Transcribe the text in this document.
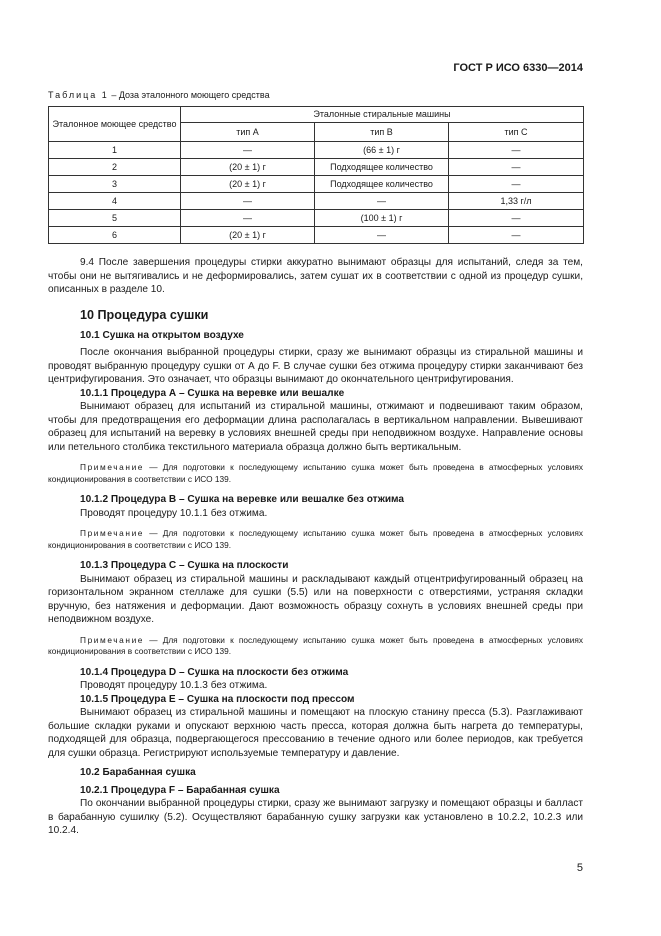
ГОСТ Р ИСО 6330—2014
Таблица 1 – Доза эталонного моющего средства
Эталонное моющее средство	Эталонные стиральные машины		
	тип А	тип В	тип С
1	—	(66 ± 1) г	—
2	(20 ± 1) г	Подходящее количество	—
3	(20 ± 1) г	Подходящее количество	—
4	—	—	1,33 г/л
5	—	(100 ± 1) г	—
6	(20 ± 1) г	—	—

9.4 После завершения процедуры стирки аккуратно вынимают образцы для испытаний, следя за тем, чтобы они не вытягивались и не деформировались, затем сушат их в соответствии с одной из процедур сушки, описанных в разделе 10.

10 Процедура сушки

10.1 Сушка на открытом воздухе

После окончания выбранной процедуры стирки, сразу же вынимают образцы из стиральной машины и проводят выбранную процедуру сушки от А до F. В случае сушки без отжима процедуру стирки заканчивают без центрифугирования. Это означает, что образцы вынимают до окончательного центрифугирования.

10.1.1 Процедура А – Сушка на веревке или вешалке

Вынимают образец для испытаний из стиральной машины, отжимают и подвешивают таким образом, чтобы для предотвращения его деформации длина располагалась в вертикальном направлении. Вывешивают образец для испытаний на веревку в условиях внешней среды при неподвижном воздухе. Направление основы или петельного столбика текстильного материала образца должно быть вертикальным.

Примечание — Для подготовки к последующему испытанию сушка может быть проведена в атмосферных условиях кондиционирования в соответствии с ИСО 139.

10.1.2 Процедура В – Сушка на веревке или вешалке без отжима

Проводят процедуру 10.1.1 без отжима.

Примечание — Для подготовки к последующему испытанию сушка может быть проведена в атмосферных условиях кондиционирования в соответствии с ИСО 139.

10.1.3 Процедура С – Сушка на плоскости

Вынимают образец из стиральной машины и раскладывают каждый отцентрифугированный образец на горизонтальном экранном стеллаже для сушки (5.5) или на поверхности с отверстиями, устраняя складки вручную, без натяжения и деформации. Дают возможность образцу сохнуть в условиях внешней среды при неподвижном воздухе.

Примечание — Для подготовки к последующему испытанию сушка может быть проведена в атмосферных условиях кондиционирования в соответствии с ИСО 139.

10.1.4 Процедура D – Сушка на плоскости без отжима

Проводят процедуру 10.1.3 без отжима.

10.1.5 Процедура Е – Сушка на плоскости под прессом

Вынимают образец из стиральной машины и помещают на плоскую станину пресса (5.3). Разглаживают большие складки руками и опускают верхнюю часть пресса, которая должна быть нагрета до температуры, подходящей для образца, подвергающегося прессованию в течение одного или более периодов, как требуется для сушки образца. Регистрируют используемые температуру и давление.

10.2 Барабанная сушка

10.2.1 Процедура F – Барабанная сушка

По окончании выбранной процедуры стирки, сразу же вынимают загрузку и помещают образцы и балласт в барабанную сушилку (5.2). Осуществляют барабанную сушку загрузки как установлено в 10.2.2, 10.2.3 или 10.2.4.

5
